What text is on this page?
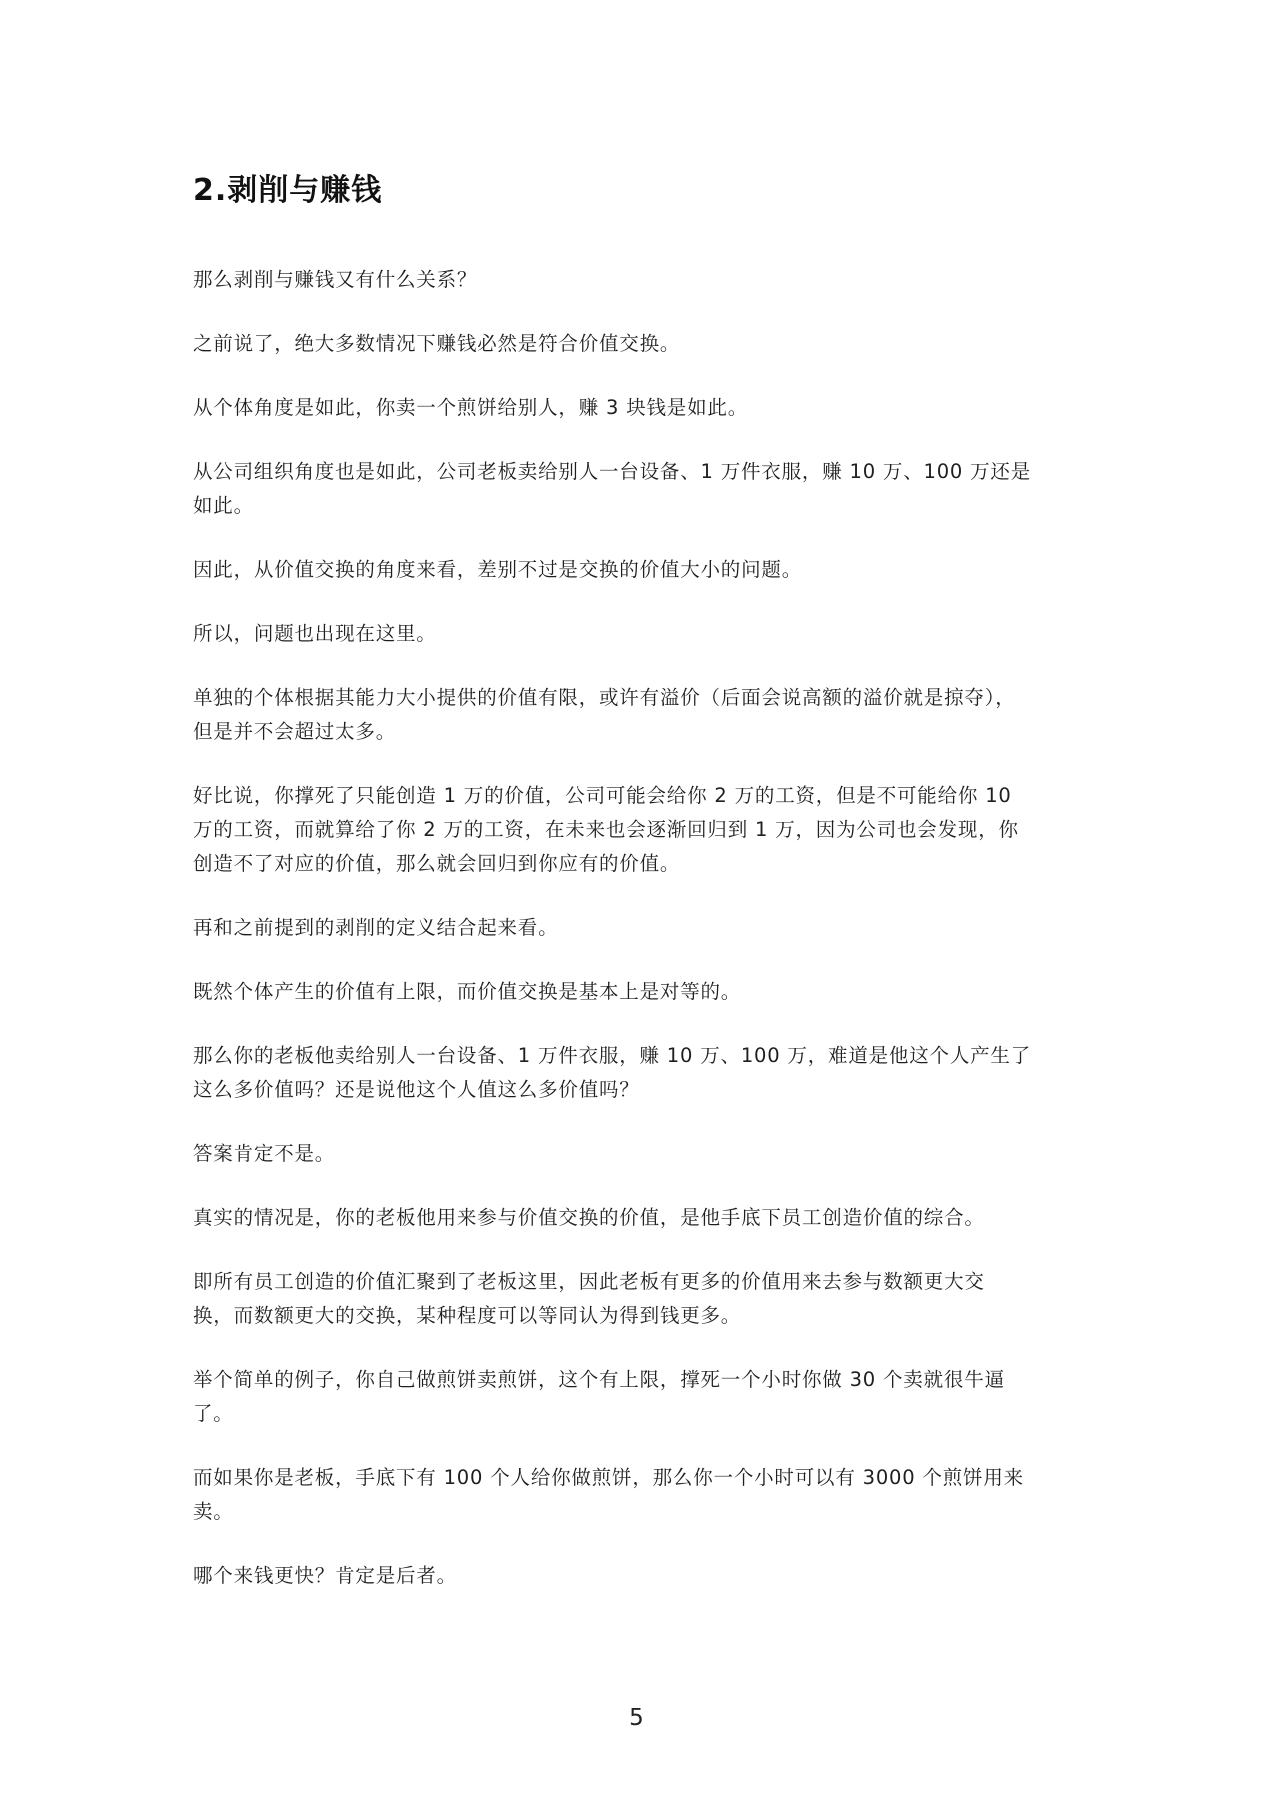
2.剥削与赚钱

那么剥削与赚钱又有什么关系？

之前说了，绝大多数情况下赚钱必然是符合价值交换。

从个体角度是如此，你卖一个煎饼给别人，赚 3 块钱是如此。

从公司组织角度也是如此，公司老板卖给别人一台设备、1 万件衣服，赚 10 万、100 万还是
如此。

因此，从价值交换的角度来看，差别不过是交换的价值大小的问题。

所以，问题也出现在这里。

单独的个体根据其能力大小提供的价值有限，或许有溢价（后面会说高额的溢价就是掠夺），
但是并不会超过太多。

好比说，你撑死了只能创造 1 万的价值，公司可能会给你 2 万的工资，但是不可能给你 10
万的工资，而就算给了你 2 万的工资，在未来也会逐渐回归到 1 万，因为公司也会发现，你
创造不了对应的价值，那么就会回归到你应有的价值。

再和之前提到的剥削的定义结合起来看。

既然个体产生的价值有上限，而价值交换是基本上是对等的。

那么你的老板他卖给别人一台设备、1 万件衣服，赚 10 万、100 万，难道是他这个人产生了
这么多价值吗？还是说他这个人值这么多价值吗？

答案肯定不是。

真实的情况是，你的老板他用来参与价值交换的价值，是他手底下员工创造价值的综合。

即所有员工创造的价值汇聚到了老板这里，因此老板有更多的价值用来去参与数额更大交
换，而数额更大的交换，某种程度可以等同认为得到钱更多。

举个简单的例子，你自己做煎饼卖煎饼，这个有上限，撑死一个小时你做 30 个卖就很牛逼
了。

而如果你是老板，手底下有 100 个人给你做煎饼，那么你一个小时可以有 3000 个煎饼用来
卖。

哪个来钱更快？肯定是后者。

5
